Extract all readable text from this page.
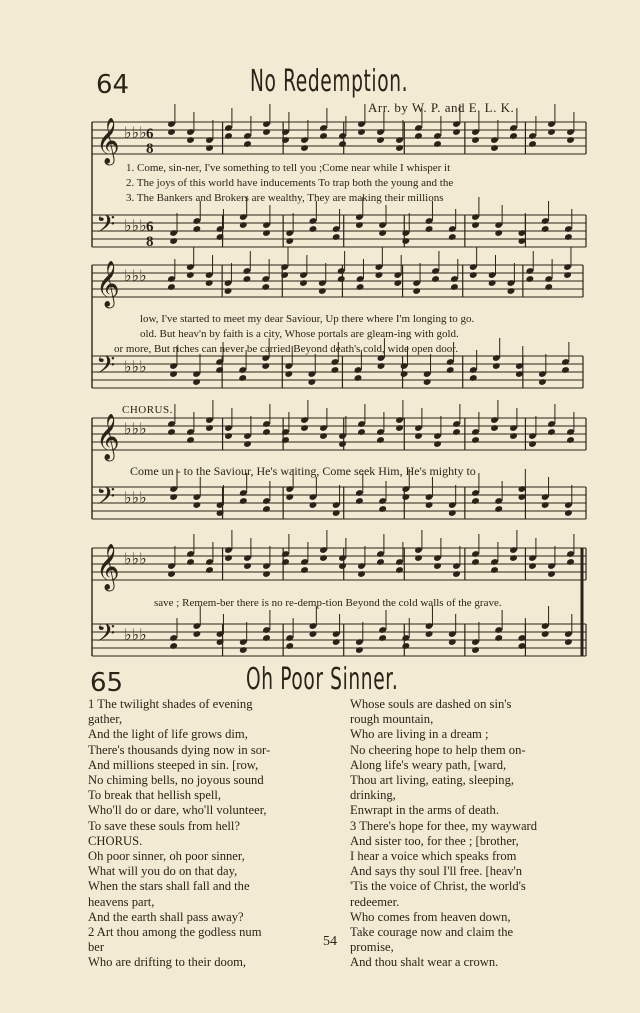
64	No Redemption.
Arr. by W. P. and E. L. K.
𝄞 ♭♭♭
𝄢 ♭♭♭
6
8
6
8
𝄞 ♭♭♭
𝄢 ♭♭♭
𝄞 ♭♭♭
𝄢 ♭♭♭
𝄞 ♭♭♭
𝄢 ♭♭♭
1. Come, sin-ner, I've something to tell you ;Come near while I whisper it
2. The joys of this world have inducements To trap both the young and the
3. The Bankers and Brokers are wealthy, They are making their millions
low, I've started to meet my dear Saviour, Up there where I'm longing to go.
old. But heav'n by faith is a city, Whose portals are gleam-ing with gold.
or more, But riches can never be carried Beyond death's cold, wide open door.
CHORUS.
Come un - to the Saviour, He's waiting, Come seek Him, He's mighty to
save ; Remem-ber there is no re-demp-tion Beyond the cold walls of the grave.
65	Oh Poor Sinner.
1 The twilight shades of evening
gather,
And the light of life grows dim,
There's thousands dying now in sor-
And millions steeped in sin. [row,
No chiming bells, no joyous sound
To break that hellish spell,
Who'll do or dare, who'll volunteer,
To save these souls from hell?
CHORUS.
Oh poor sinner, oh poor sinner,
What will you do on that day,
When the stars shall fall and the
heavens part,
And the earth shall pass away?
2 Art thou among the godless num
ber
Who are drifting to their doom,
Whose souls are dashed on sin's
rough mountain,
Who are living in a dream ;
No cheering hope to help them on-
Along life's weary path, [ward,
Thou art living, eating, sleeping,
drinking,
Enwrapt in the arms of death.
3 There's hope for thee, my wayward
And sister too, for thee ; [brother,
I hear a voice which speaks from
And says thy soul I'll free. [heav'n
'Tis the voice of Christ, the world's
redeemer.
Who comes from heaven down,
Take courage now and claim the
promise,
And thou shalt wear a crown.
54
